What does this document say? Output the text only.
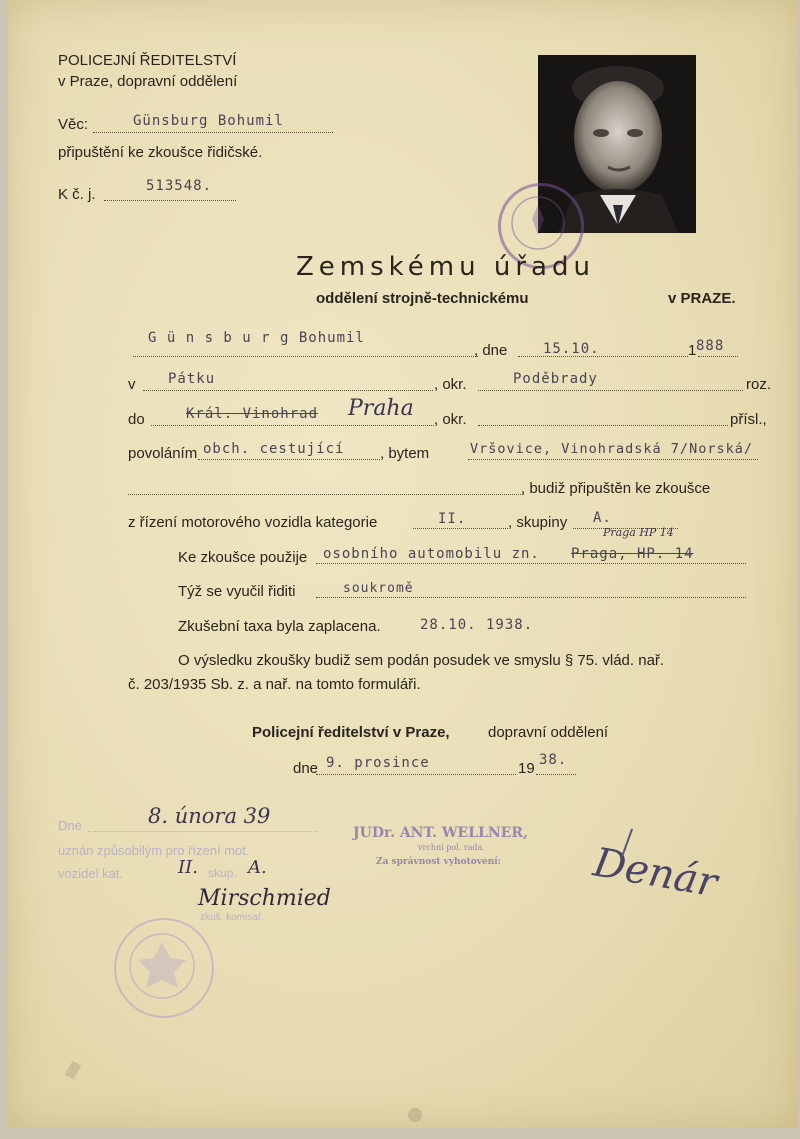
POLICEJNÍ ŘEDITELSTVÍ
v Praze, dopravní oddělení
Věc:	Günsburg Bohumil
připuštění ke zkoušce řidičské.
K č. j.	513548.
Zemskému úřadu
oddělení strojně-technickému	v PRAZE.
G ü n s b u r g Bohumil
, dne	15.10.	1 888
v Pátku	, okr.	Poděbrady	roz.
do	Král. Vinohrad Praha , okr.	přísl.,
povoláním obch. cestující , bytem	Vršovice, Vinohradská 7/Norská/
, budiž připuštěn ke zkoušce
z řízení motorového vozidla kategorie	II.	, skupiny A.
Praga HP 14
Ke zkoušce použije osobního automobilu zn. Praga, HP. 14
Týž se vyučil řiditi	soukromě
Zkušební taxa byla zaplacena.	28.10. 1938.
O výsledku zkoušky budiž sem podán posudek ve smyslu § 75. vlád. nař.
č. 203/1935 Sb. z. a nař. na tomto formuláři.
Policejní ředitelství v Praze,	dopravní oddělení
dne 9. prosince	19 38.
Dne	8. února 39
uznán způsobilým pro řízení mot.
vozidel kat.	II. skup. A.
Mirschmied
zkuš. komisař.
JUDr. ANT. WELLNER,
vrchní pol. rada.
Za správnost vyhotovení: Denár
